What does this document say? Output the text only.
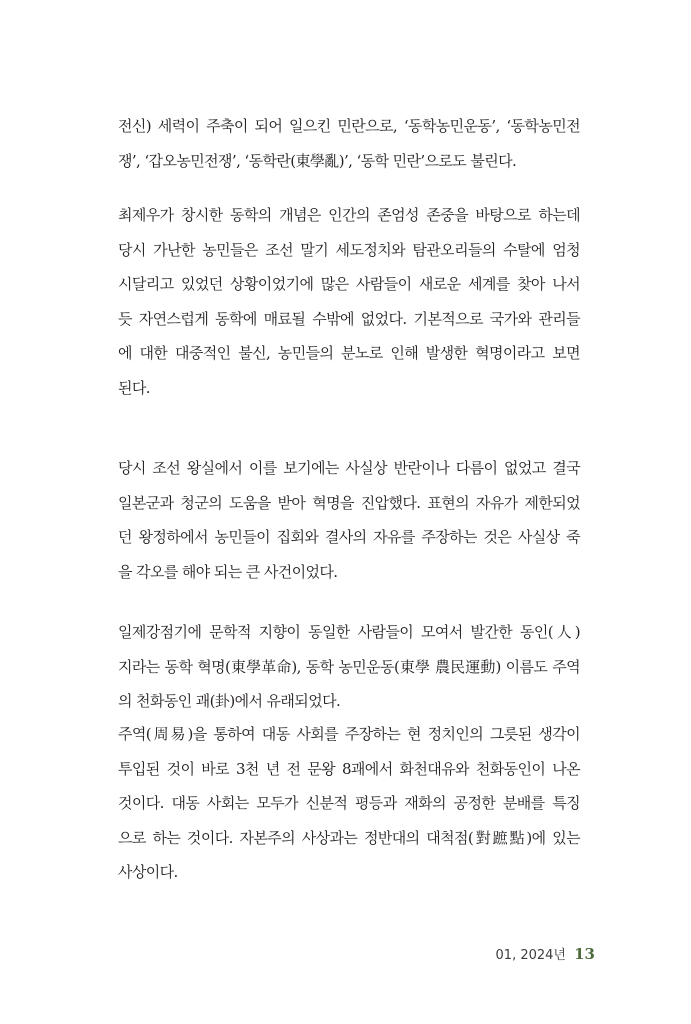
전신) 세력이 주축이 되어 일으킨 민란으로, ‘동학농민운동’, ‘동학농민전
쟁’, ‘갑오농민전쟁’, ‘동학란(東學亂)’, ‘동학 민란’으로도 불린다.
최제우가 창시한 동학의 개념은 인간의 존엄성 존중을 바탕으로 하는데
당시 가난한 농민들은 조선 말기 세도정치와 탐관오리들의 수탈에 엄청
시달리고 있었던 상황이었기에 많은 사람들이 새로운 세계를 찾아 나서
듯 자연스럽게 동학에 매료될 수밖에 없었다. 기본적으로 국가와 관리들
에 대한 대중적인 불신, 농민들의 분노로 인해 발생한 혁명이라고 보면
된다.
당시 조선 왕실에서 이를 보기에는 사실상 반란이나 다름이 없었고 결국
일본군과 청군의 도움을 받아 혁명을 진압했다. 표현의 자유가 제한되었
던 왕정하에서 농민들이 집회와 결사의 자유를 주장하는 것은 사실상 죽
을 각오를 해야 되는 큰 사건이었다.
일제강점기에 문학적 지향이 동일한 사람들이 모여서 발간한 동인(人)
지라는 동학 혁명(東學革命), 동학 농민운동(東學 農民運動) 이름도 주역
의 천화동인 괘(卦)에서 유래되었다.
주역(周易)을 통하여 대동 사회를 주장하는 현 정치인의 그릇된 생각이
투입된 것이 바로 3천 년 전 문왕 8괘에서 화천대유와 천화동인이 나온
것이다. 대동 사회는 모두가 신분적 평등과 재화의 공정한 분배를 특징
으로 하는 것이다. 자본주의 사상과는 정반대의 대척점(對蹠點)에 있는
사상이다.
01, 2024년 13
